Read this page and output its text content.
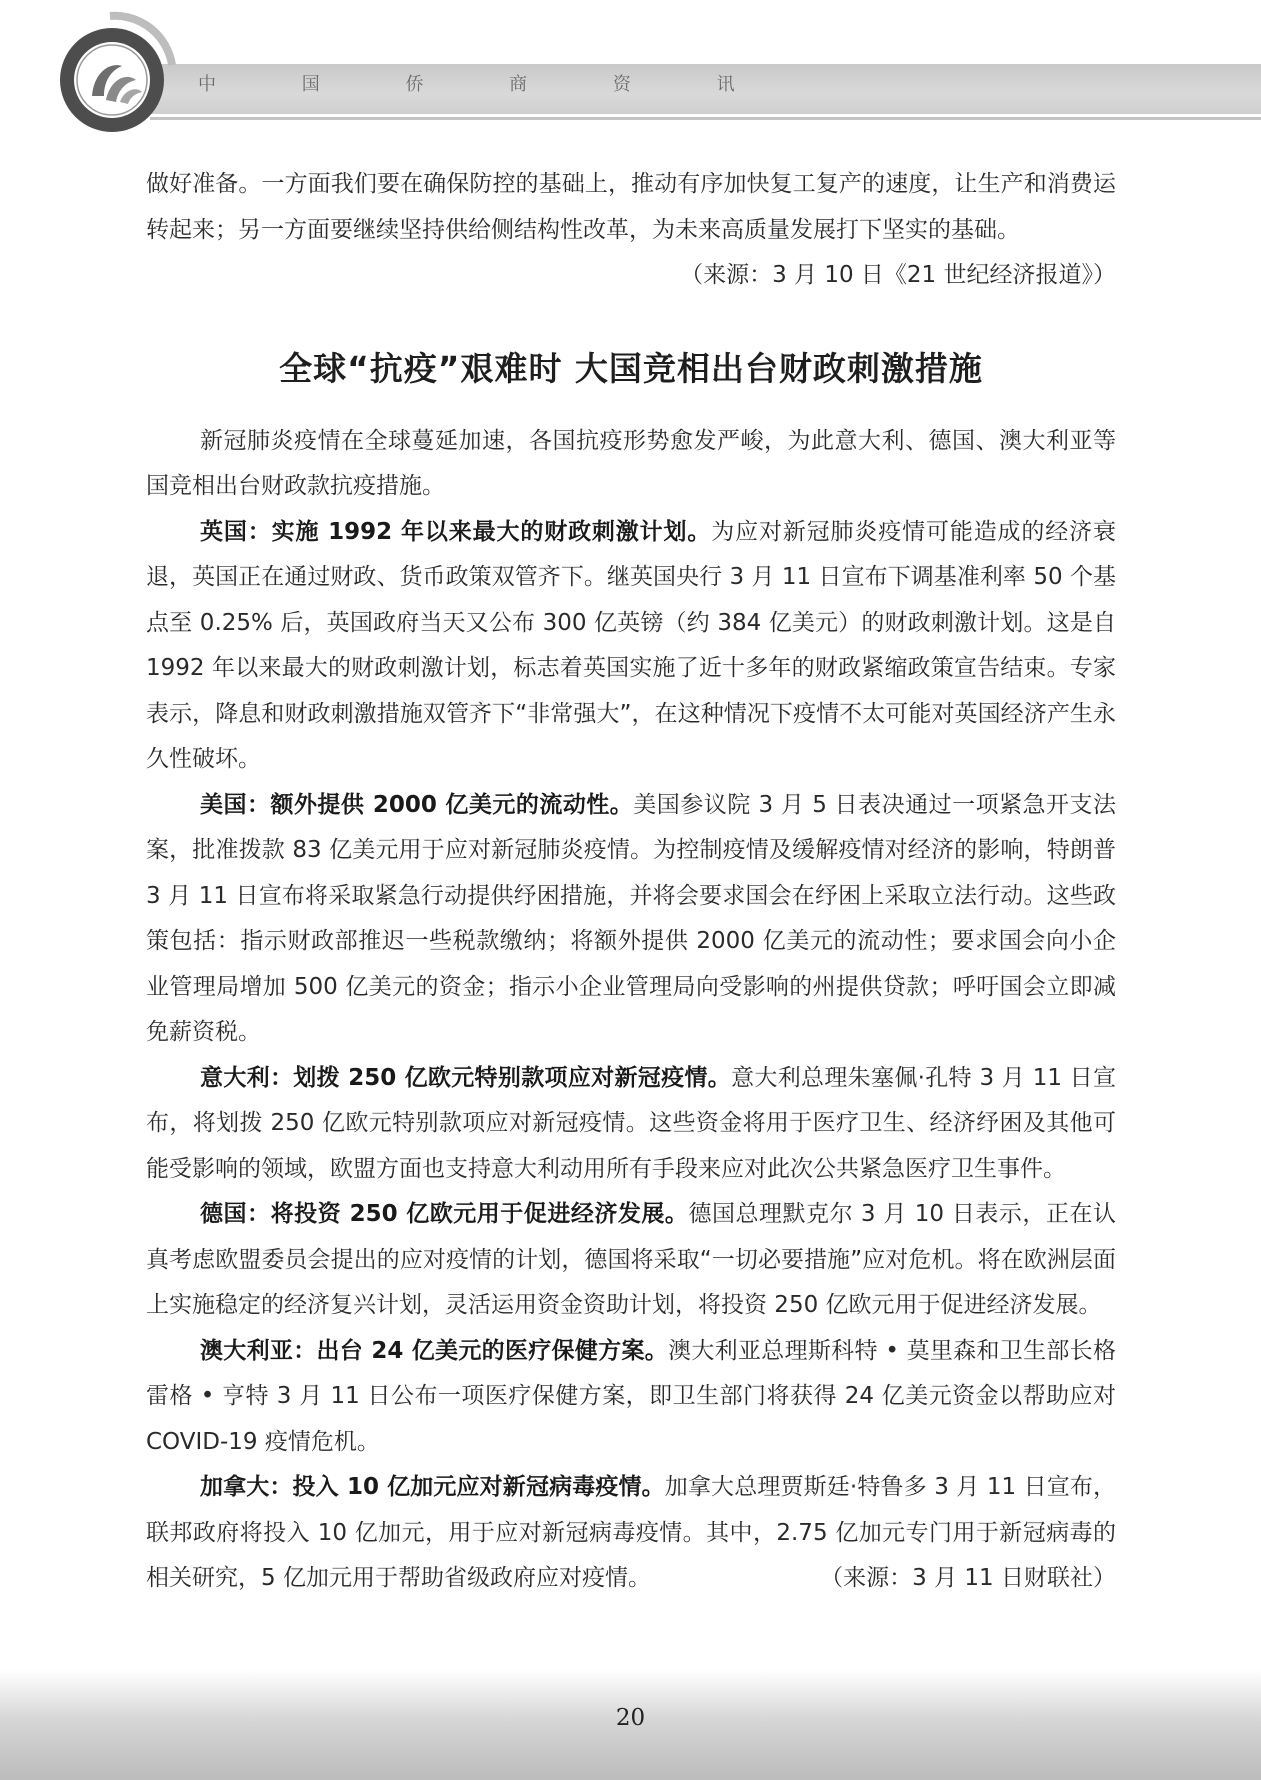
中 国 侨 商 资 讯

做好准备。一方面我们要在确保防控的基础上，推动有序加快复工复产的速度，让生产和消费运转起来；另一方面要继续坚持供给侧结构性改革，为未来高质量发展打下坚实的基础。

（来源：3 月 10 日《21 世纪经济报道》）

全球“抗疫”艰难时 大国竞相出台财政刺激措施

新冠肺炎疫情在全球蔓延加速，各国抗疫形势愈发严峻，为此意大利、德国、澳大利亚等国竞相出台财政款抗疫措施。

英国：实施 1992 年以来最大的财政刺激计划。为应对新冠肺炎疫情可能造成的经济衰退，英国正在通过财政、货币政策双管齐下。继英国央行 3 月 11 日宣布下调基准利率 50 个基点至 0.25% 后，英国政府当天又公布 300 亿英镑（约 384 亿美元）的财政刺激计划。这是自 1992 年以来最大的财政刺激计划，标志着英国实施了近十多年的财政紧缩政策宣告结束。专家表示，降息和财政刺激措施双管齐下“非常强大”，在这种情况下疫情不太可能对英国经济产生永久性破坏。

美国：额外提供 2000 亿美元的流动性。美国参议院 3 月 5 日表决通过一项紧急开支法案，批准拨款 83 亿美元用于应对新冠肺炎疫情。为控制疫情及缓解疫情对经济的影响，特朗普 3 月 11 日宣布将采取紧急行动提供纾困措施，并将会要求国会在纾困上采取立法行动。这些政策包括：指示财政部推迟一些税款缴纳；将额外提供 2000 亿美元的流动性；要求国会向小企业管理局增加 500 亿美元的资金；指示小企业管理局向受影响的州提供贷款；呼吁国会立即减免薪资税。

意大利：划拨 250 亿欧元特别款项应对新冠疫情。意大利总理朱塞佩·孔特 3 月 11 日宣布，将划拨 250 亿欧元特别款项应对新冠疫情。这些资金将用于医疗卫生、经济纾困及其他可能受影响的领域，欧盟方面也支持意大利动用所有手段来应对此次公共紧急医疗卫生事件。

德国：将投资 250 亿欧元用于促进经济发展。德国总理默克尔 3 月 10 日表示，正在认真考虑欧盟委员会提出的应对疫情的计划，德国将采取“一切必要措施”应对危机。将在欧洲层面上实施稳定的经济复兴计划，灵活运用资金资助计划，将投资 250 亿欧元用于促进经济发展。

澳大利亚：出台 24 亿美元的医疗保健方案。澳大利亚总理斯科特 • 莫里森和卫生部长格雷格 • 亨特 3 月 11 日公布一项医疗保健方案，即卫生部门将获得 24 亿美元资金以帮助应对 COVID-19 疫情危机。

加拿大：投入 10 亿加元应对新冠病毒疫情。加拿大总理贾斯廷·特鲁多 3 月 11 日宣布，联邦政府将投入 10 亿加元，用于应对新冠病毒疫情。其中，2.75 亿加元专门用于新冠病毒的相关研究，5 亿加元用于帮助省级政府应对疫情。	（来源：3 月 11 日财联社）

20
